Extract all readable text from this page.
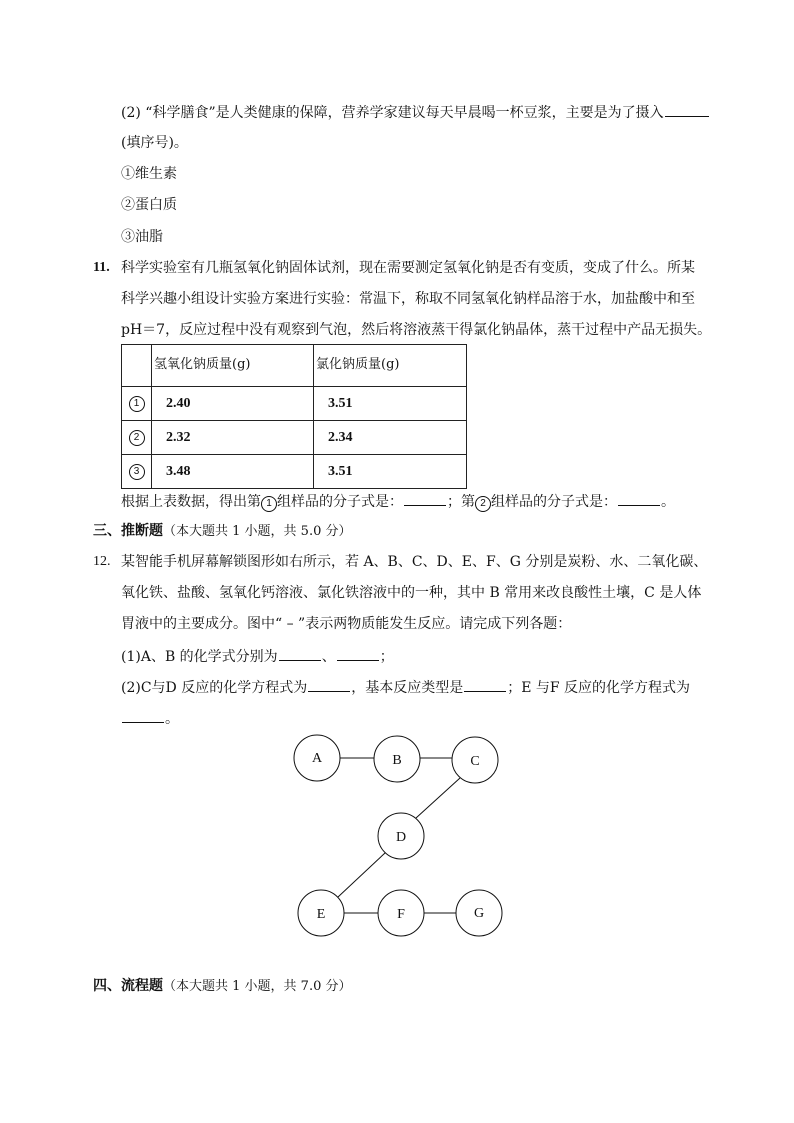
(2) “科学膳食”是人类健康的保障，营养学家建议每天早晨喝一杯豆浆，主要是为了摄入
(填序号)。
①维生素
②蛋白质
③油脂
11. 科学实验室有几瓶氢氧化钠固体试剂，现在需要测定氢氧化钠是否有变质，变成了什么。所某
科学兴趣小组设计实验方案进行实验：常温下，称取不同氢氧化钠样品溶于水，加盐酸中和至
pH＝7，反应过程中没有观察到气泡，然后将溶液蒸干得氯化钠晶体，蒸干过程中产品无损失。
	氢氧化钠质量(g)	氯化钠质量(g)
1	2.40	3.51
2	2.32	2.34
3	3.48	3.51
根据上表数据，得出第 1 组样品的分子式是：	；第 2 组样品的分子式是：	。
三、推断题（本大题共 1 小题，共 5.0 分）
12. 某智能手机屏幕解锁图形如右所示，若 A、B、C、D、E、F、G 分别是炭粉、水、二氧化碳、
氧化铁、盐酸、氢氧化钙溶液、氯化铁溶液中的一种，其中 B 常用来改良酸性土壤，C 是人体
胃液中的主要成分。图中“ – ”表示两物质能发生反应。请完成下列各题：
(1)A、B 的化学式分别为	、	；
(2)C与D 反应的化学方程式为	，基本反应类型是	；E 与F 反应的化学方程式为
。
A	B	C
D
E	F	G
四、流程题（本大题共 1 小题，共 7.0 分）
